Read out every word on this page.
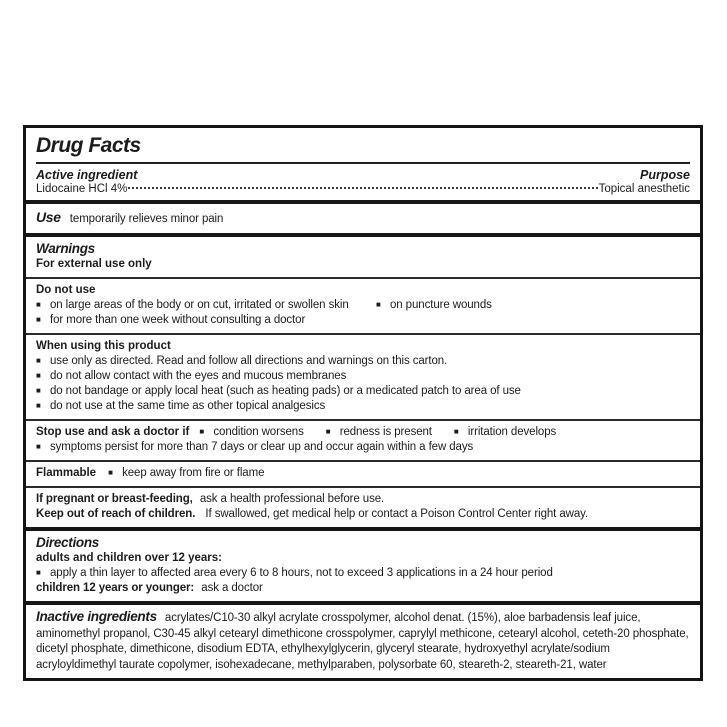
Drug Facts
Active ingredient	Purpose
Lidocaine HCl 4%	Topical anesthetic
Use temporarily relieves minor pain
Warnings
For external use only
Do not use
■ on large areas of the body or on cut, irritated or swollen skin	■ on puncture wounds
■ for more than one week without consulting a doctor
When using this product
■ use only as directed. Read and follow all directions and warnings on this carton.
■ do not allow contact with the eyes and mucous membranes
■ do not bandage or apply local heat (such as heating pads) or a medicated patch to area of use
■ do not use at the same time as other topical analgesics
Stop use and ask a doctor if ■ condition worsens	■ redness is present	■ irritation develops
■ symptoms persist for more than 7 days or clear up and occur again within a few days
Flammable ■ keep away from fire or flame
If pregnant or breast-feeding, ask a health professional before use.
Keep out of reach of children. If swallowed, get medical help or contact a Poison Control Center right away.
Directions
adults and children over 12 years:
■ apply a thin layer to affected area every 6 to 8 hours, not to exceed 3 applications in a 24 hour period
children 12 years or younger: ask a doctor
Inactive ingredients acrylates/C10-30 alkyl acrylate crosspolymer, alcohol denat. (15%), aloe barbadensis leaf juice, aminomethyl propanol, C30-45 alkyl cetearyl dimethicone crosspolymer, caprylyl methicone, cetearyl alcohol, ceteth-20 phosphate, dicetyl phosphate, dimethicone, disodium EDTA, ethylhexylglycerin, glyceryl stearate, hydroxyethyl acrylate/sodium acryloyldimethyl taurate copolymer, isohexadecane, methylparaben, polysorbate 60, steareth-2, steareth-21, water
